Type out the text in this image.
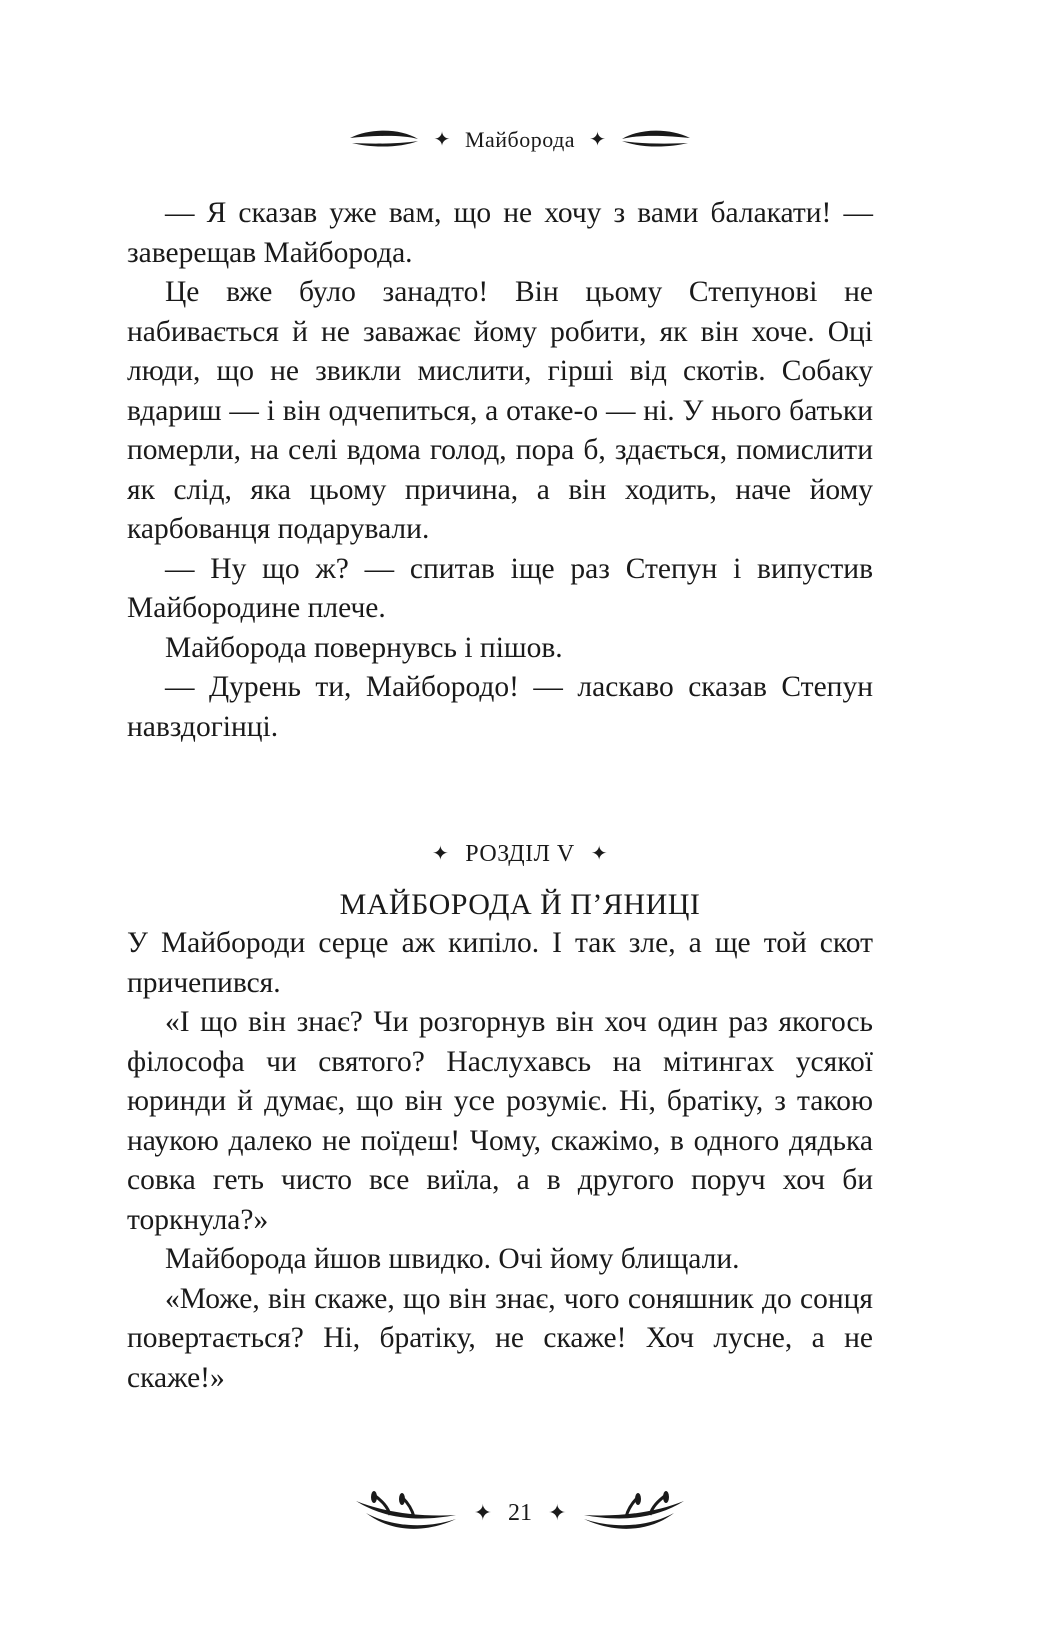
✦ Майборода ✦

— Я сказав уже вам, що не хочу з вами балакати! — заверещав Майборода.

Це вже було занадто! Він цьому Степунові не набивається й не заважає йому робити, як він хоче. Оці люди, що не звикли мислити, гірші від скотів. Собаку вдариш — і він одчепиться, а отаке-о — ні. У нього батьки померли, на селі вдома голод, пора б, здається, помислити як слід, яка цьому причина, а він ходить, наче йому карбованця подарували.

— Ну що ж? — спитав іще раз Степун і випустив Майбородине плече.

Майборода повернувсь і пішов.

— Дурень ти, Майбородо! — ласкаво сказав Степун навздогінці.

✦ РОЗДІЛ V ✦
МАЙБОРОДА Й П’ЯНИЦІ

У Майбороди серце аж кипіло. І так зле, а ще той скот причепився.

«І що він знає? Чи розгорнув він хоч один раз якогось філософа чи святого? Наслухавсь на мітингах усякої юринди й думає, що він усе розуміє. Ні, братіку, з такою наукою далеко не поїдеш! Чому, скажімо, в одного дядька совка геть чисто все виїла, а в другого поруч хоч би торкнула?»

Майборода йшов швидко. Очі йому блищали.

«Може, він скаже, що він знає, чого соняшник до сонця повертається? Ні, братіку, не скаже! Хоч лусне, а не скаже!»

✦ 21 ✦
